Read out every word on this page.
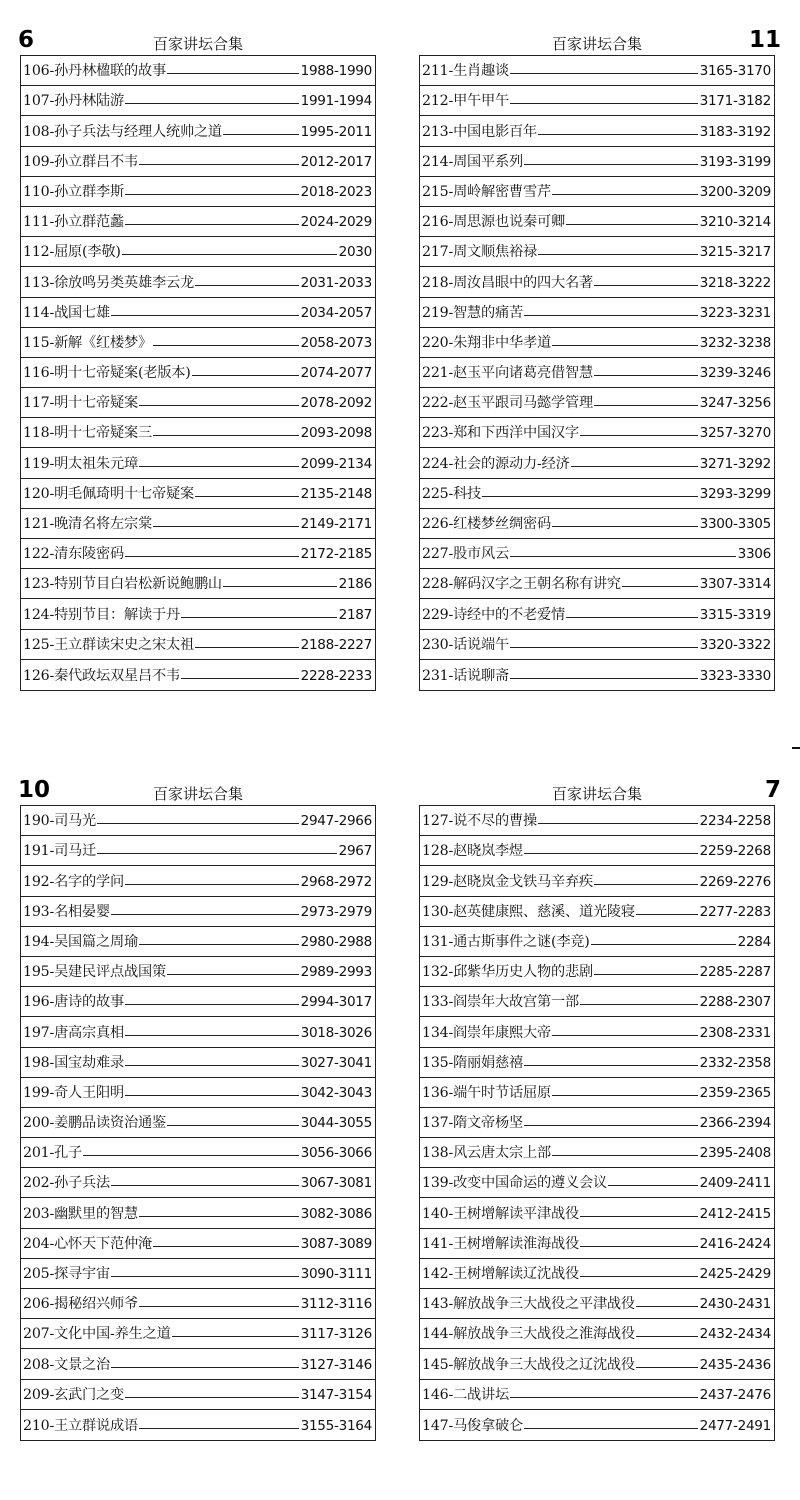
6	百家讲坛合集
106-孙丹林楹联的故事	1988-1990
107-孙丹林陆游	1991-1994
108-孙子兵法与经理人统帅之道	1995-2011
109-孙立群吕不韦	2012-2017
110-孙立群李斯	2018-2023
111-孙立群范蠡	2024-2029
112-屈原(李敬)	2030
113-徐放鸣另类英雄李云龙	2031-2033
114-战国七雄	2034-2057
115-新解《红楼梦》	2058-2073
116-明十七帝疑案(老版本)	2074-2077
117-明十七帝疑案	2078-2092
118-明十七帝疑案三	2093-2098
119-明太祖朱元璋	2099-2134
120-明毛佩琦明十七帝疑案	2135-2148
121-晚清名将左宗棠	2149-2171
122-清东陵密码	2172-2185
123-特别节目白岩松新说鲍鹏山	2186
124-特别节目：解读于丹	2187
125-王立群读宋史之宋太祖	2188-2227
126-秦代政坛双星吕不韦	2228-2233
11
百家讲坛合集
211-生肖趣谈	3165-3170
212-甲午甲午	3171-3182
213-中国电影百年	3183-3192
214-周国平系列	3193-3199
215-周岭解密曹雪芹	3200-3209
216-周思源也说秦可卿	3210-3214
217-周文顺焦裕禄	3215-3217
218-周汝昌眼中的四大名著	3218-3222
219-智慧的痛苦	3223-3231
220-朱翔非中华孝道	3232-3238
221-赵玉平向诸葛亮借智慧	3239-3246
222-赵玉平跟司马懿学管理	3247-3256
223-郑和下西洋中国汉字	3257-3270
224-社会的源动力-经济	3271-3292
225-科技	3293-3299
226-红楼梦丝绸密码	3300-3305
227-股市风云	3306
228-解码汉字之王朝名称有讲究	3307-3314
229-诗经中的不老爱情	3315-3319
230-话说端午	3320-3322
231-话说聊斋	3323-3330
10	百家讲坛合集
190-司马光	2947-2966
191-司马迁	2967
192-名字的学问	2968-2972
193-名相晏婴	2973-2979
194-吴国篇之周瑜	2980-2988
195-吴建民评点战国策	2989-2993
196-唐诗的故事	2994-3017
197-唐高宗真相	3018-3026
198-国宝劫难录	3027-3041
199-奇人王阳明	3042-3043
200-姜鹏品读资治通鉴	3044-3055
201-孔子	3056-3066
202-孙子兵法	3067-3081
203-幽默里的智慧	3082-3086
204-心怀天下范仲淹	3087-3089
205-探寻宇宙	3090-3111
206-揭秘绍兴师爷	3112-3116
207-文化中国-养生之道	3117-3126
208-文景之治	3127-3146
209-玄武门之变	3147-3154
210-王立群说成语	3155-3164
7
百家讲坛合集
127-说不尽的曹操	2234-2258
128-赵晓岚李煜	2259-2268
129-赵晓岚金戈铁马辛弃疾	2269-2276
130-赵英健康熙、慈溪、道光陵寝	2277-2283
131-通古斯事件之谜(李竞)	2284
132-邱紫华历史人物的悲剧	2285-2287
133-阎崇年大故宫第一部	2288-2307
134-阎崇年康熙大帝	2308-2331
135-隋丽娟慈禧	2332-2358
136-端午时节话屈原	2359-2365
137-隋文帝杨坚	2366-2394
138-风云唐太宗上部	2395-2408
139-改变中国命运的遵义会议	2409-2411
140-王树增解读平津战役	2412-2415
141-王树增解读淮海战役	2416-2424
142-王树增解读辽沈战役	2425-2429
143-解放战争三大战役之平津战役	2430-2431
144-解放战争三大战役之淮海战役	2432-2434
145-解放战争三大战役之辽沈战役	2435-2436
146-二战讲坛	2437-2476
147-马俊拿破仑	2477-2491
